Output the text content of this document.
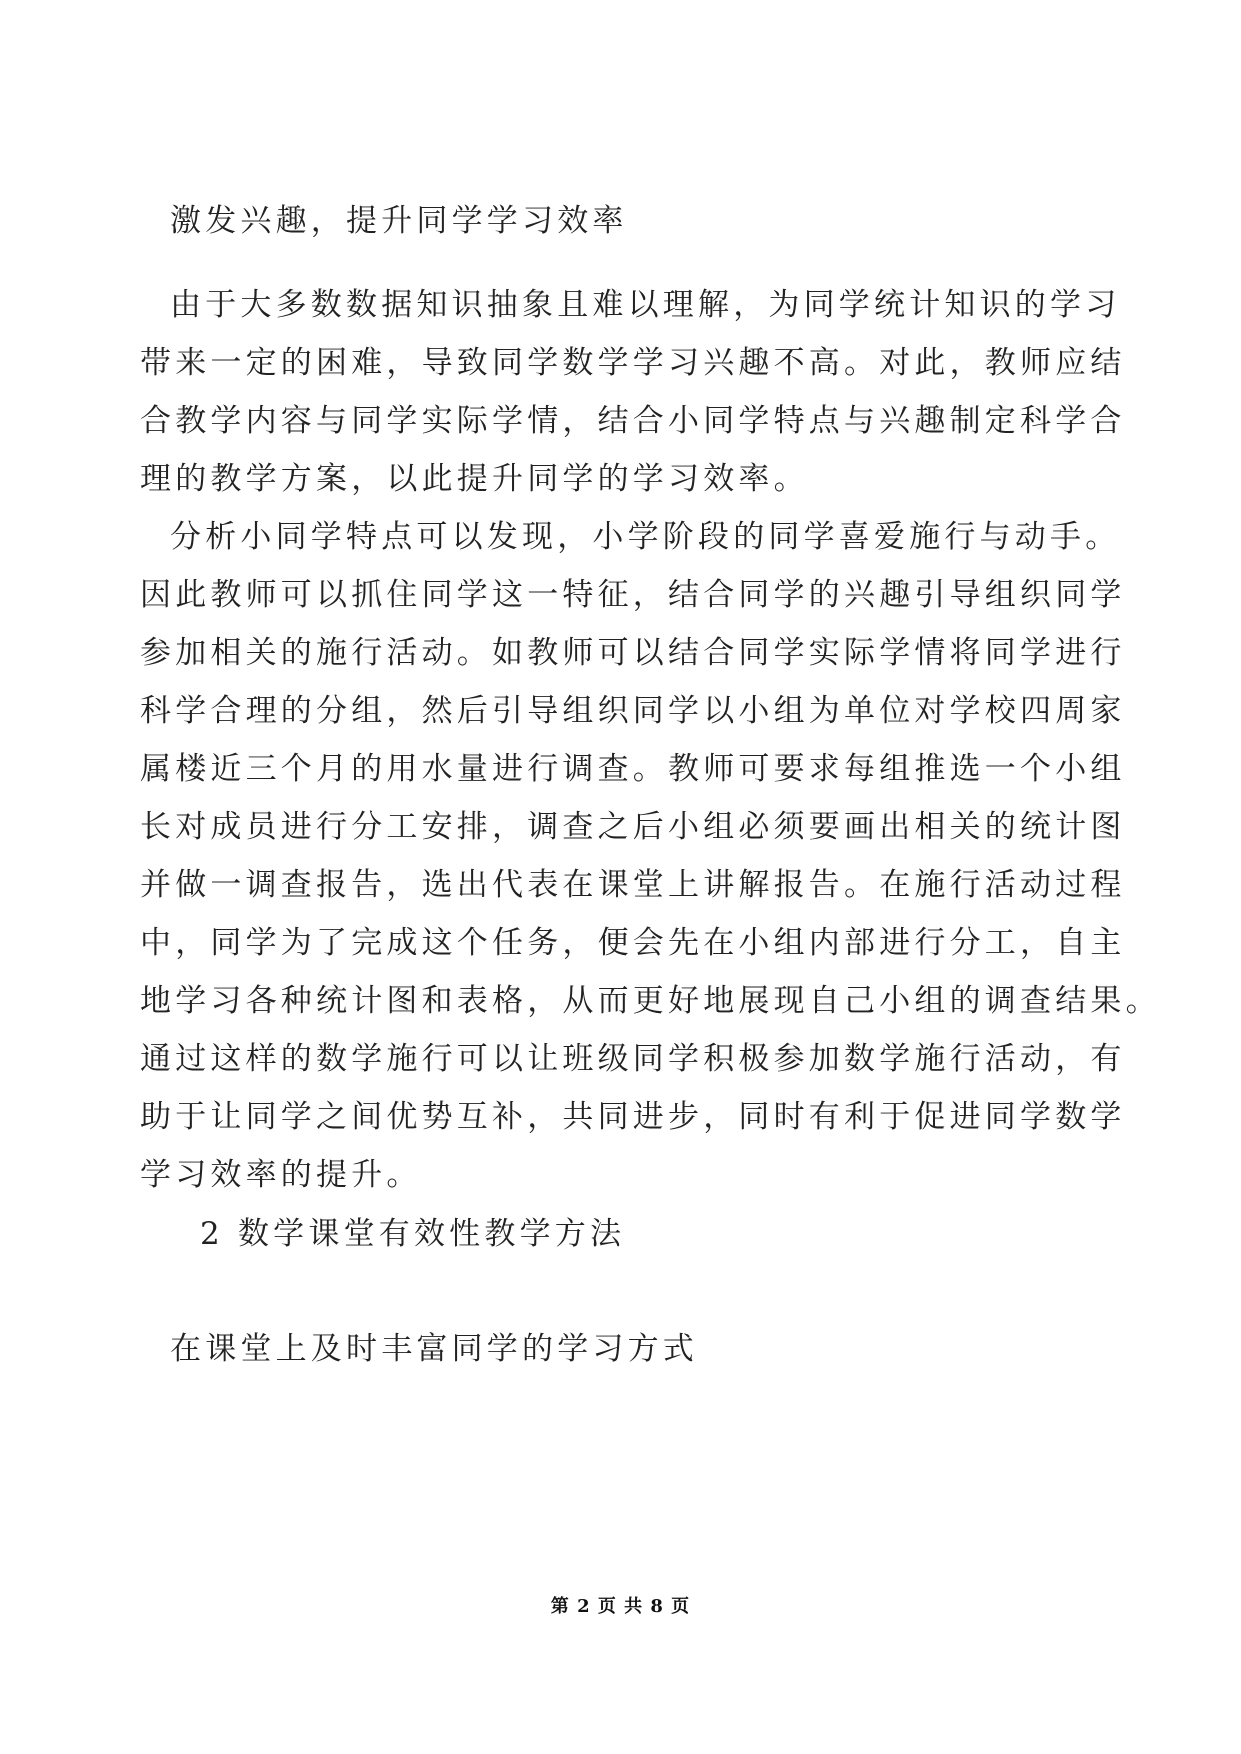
激发兴趣，提升同学学习效率
由于大多数数据知识抽象且难以理解，为同学统计知识的学习
带来一定的困难，导致同学数学学习兴趣不高。对此，教师应结
合教学内容与同学实际学情，结合小同学特点与兴趣制定科学合
理的教学方案，以此提升同学的学习效率。
分析小同学特点可以发现，小学阶段的同学喜爱施行与动手。
因此教师可以抓住同学这一特征，结合同学的兴趣引导组织同学
参加相关的施行活动。如教师可以结合同学实际学情将同学进行
科学合理的分组，然后引导组织同学以小组为单位对学校四周家
属楼近三个月的用水量进行调查。教师可要求每组推选一个小组
长对成员进行分工安排，调查之后小组必须要画出相关的统计图
并做一调查报告，选出代表在课堂上讲解报告。在施行活动过程
中，同学为了完成这个任务，便会先在小组内部进行分工，自主
地学习各种统计图和表格，从而更好地展现自己小组的调查结果。
通过这样的数学施行可以让班级同学积极参加数学施行活动，有
助于让同学之间优势互补，共同进步，同时有利于促进同学数学
学习效率的提升。
2 数学课堂有效性教学方法
在课堂上及时丰富同学的学习方式
第 2 页 共 8 页
